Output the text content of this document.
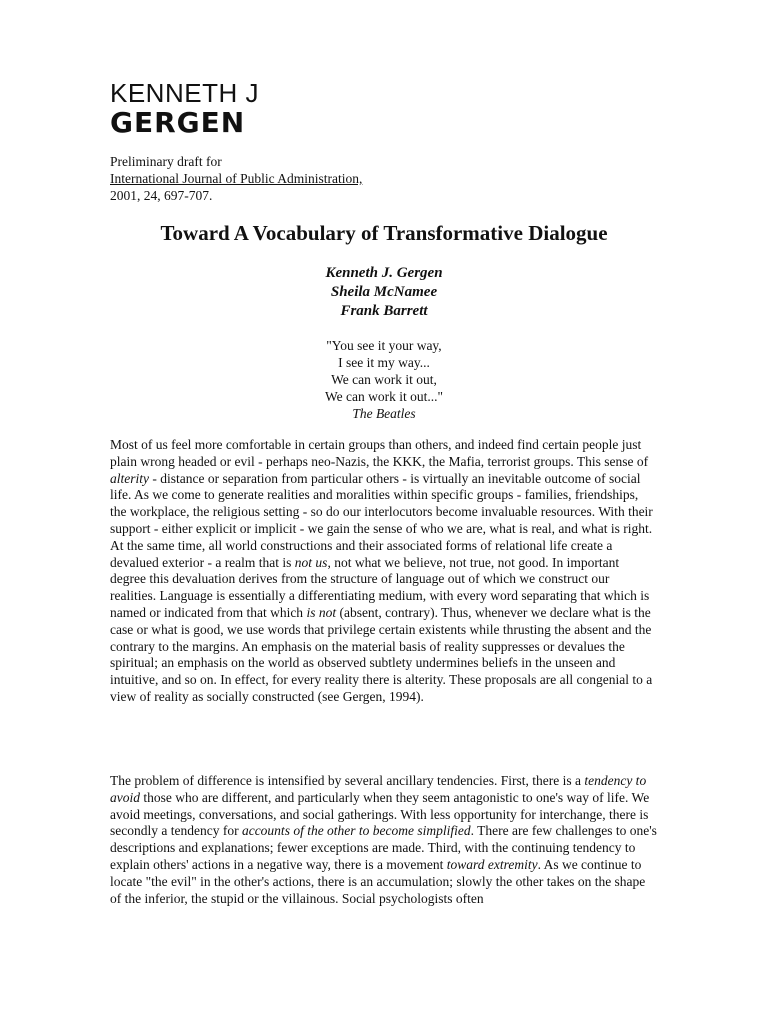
KENNETH J
GERGEN
Preliminary draft for
International Journal of Public Administration,
2001, 24, 697-707.
Toward A Vocabulary of Transformative Dialogue
Kenneth J. Gergen
Sheila McNamee
Frank Barrett
"You see it your way,
I see it my way...
We can work it out,
We can work it out..."
The Beatles

Most of us feel more comfortable in certain groups than others, and indeed find certain people just plain wrong headed or evil - perhaps neo-Nazis, the KKK, the Mafia, terrorist groups. This sense of alterity - distance or separation from particular others - is virtually an inevitable outcome of social life. As we come to generate realities and moralities within specific groups - families, friendships, the workplace, the religious setting - so do our interlocutors become invaluable resources. With their support - either explicit or implicit - we gain the sense of who we are, what is real, and what is right. At the same time, all world constructions and their associated forms of relational life create a devalued exterior - a realm that is not us, not what we believe, not true, not good. In important degree this devaluation derives from the structure of language out of which we construct our realities. Language is essentially a differentiating medium, with every word separating that which is named or indicated from that which is not (absent, contrary). Thus, whenever we declare what is the case or what is good, we use words that privilege certain existents while thrusting the absent and the contrary to the margins. An emphasis on the material basis of reality suppresses or devalues the spiritual; an emphasis on the world as observed subtlety undermines beliefs in the unseen and intuitive, and so on. In effect, for every reality there is alterity. These proposals are all congenial to a view of reality as socially constructed (see Gergen, 1994).

The problem of difference is intensified by several ancillary tendencies. First, there is a tendency to avoid those who are different, and particularly when they seem antagonistic to one's way of life. We avoid meetings, conversations, and social gatherings. With less opportunity for interchange, there is secondly a tendency for accounts of the other to become simplified. There are few challenges to one's descriptions and explanations; fewer exceptions are made. Third, with the continuing tendency to explain others' actions in a negative way, there is a movement toward extremity. As we continue to locate "the evil" in the other's actions, there is an accumulation; slowly the other takes on the shape of the inferior, the stupid or the villainous. Social psychologists often
